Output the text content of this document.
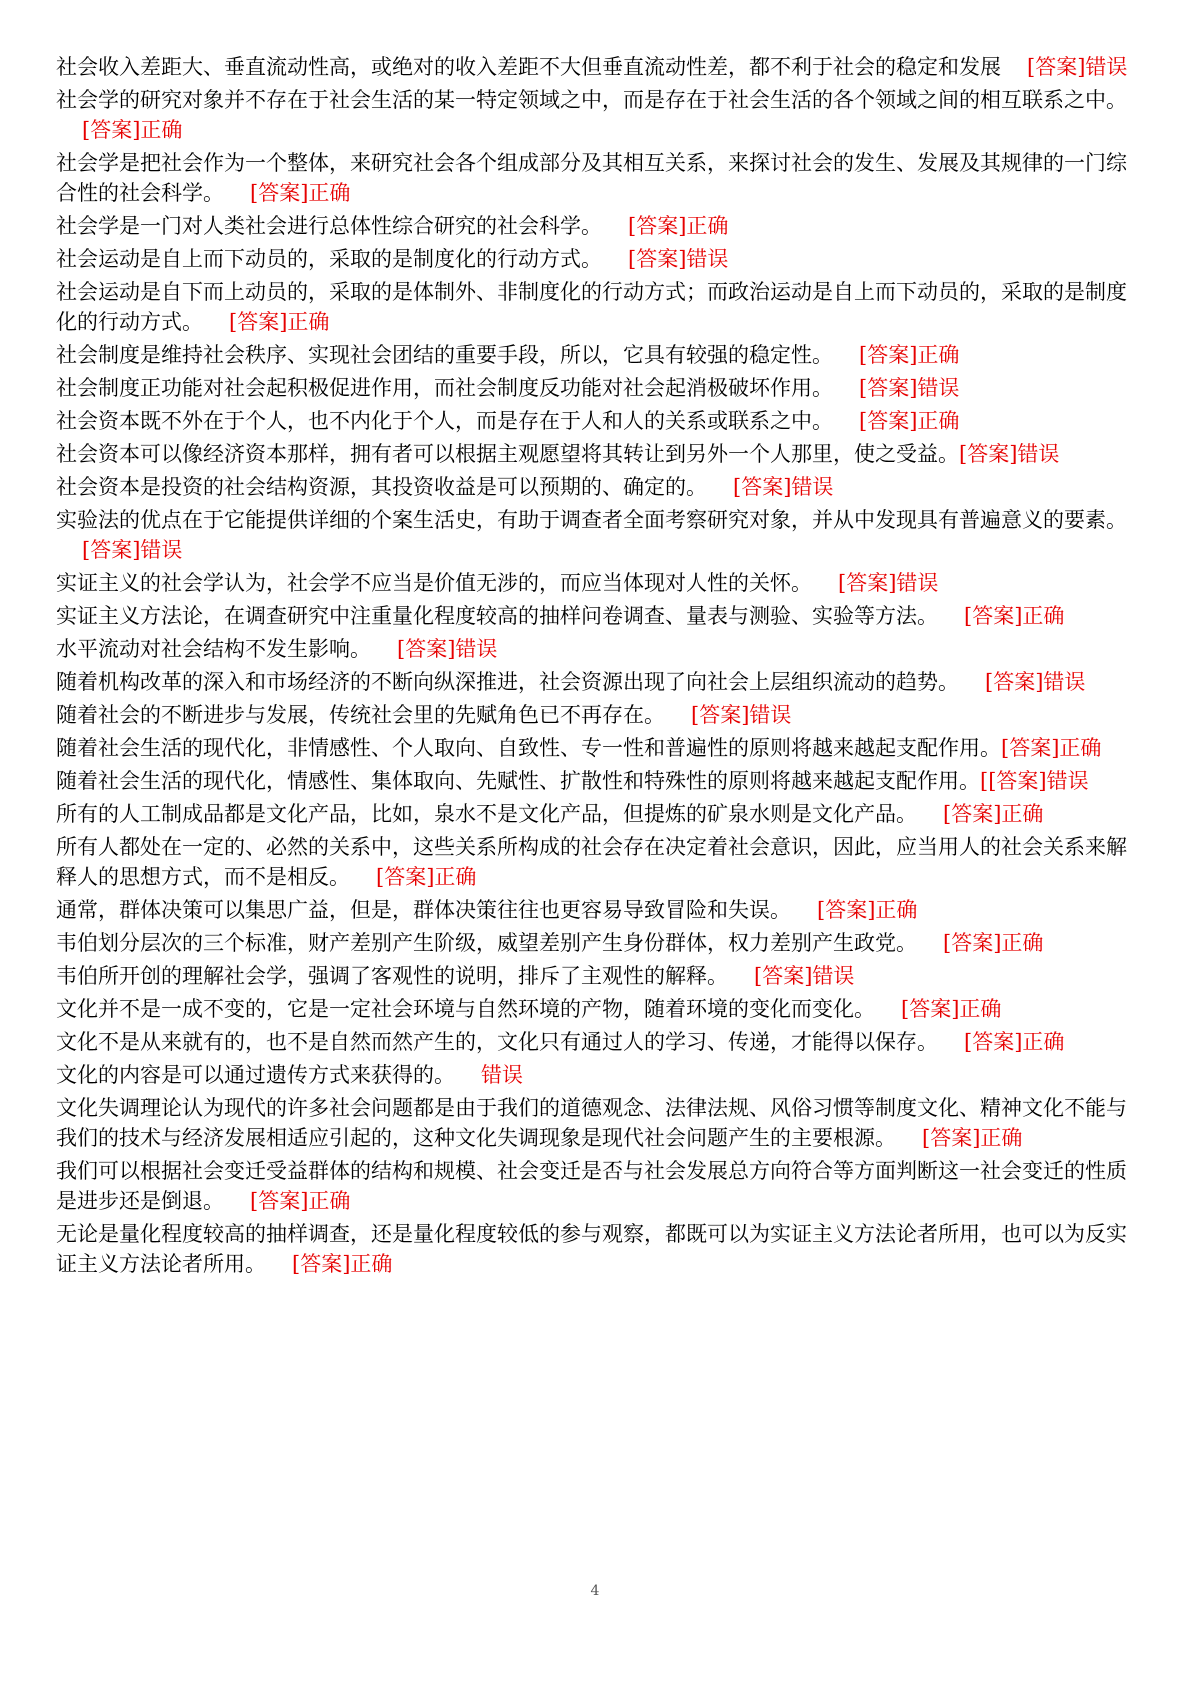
社会收入差距大、垂直流动性高，或绝对的收入差距不大但垂直流动性差，都不利于社会的稳定和发展 [答案]错误
社会学的研究对象并不存在于社会生活的某一特定领域之中，而是存在于社会生活的各个领域之间的相互联系之中。[答案]正确
社会学是把社会作为一个整体，来研究社会各个组成部分及其相互关系，来探讨社会的发生、发展及其规律的一门综合性的社会科学。 [答案]正确
社会学是一门对人类社会进行总体性综合研究的社会科学。 [答案]正确
社会运动是自上而下动员的，采取的是制度化的行动方式。 [答案]错误
社会运动是自下而上动员的，采取的是体制外、非制度化的行动方式；而政治运动是自上而下动员的，采取的是制度化的行动方式。 [答案]正确
社会制度是维持社会秩序、实现社会团结的重要手段，所以，它具有较强的稳定性。 [答案]正确
社会制度正功能对社会起积极促进作用，而社会制度反功能对社会起消极破坏作用。 [答案]错误
社会资本既不外在于个人，也不内化于个人，而是存在于人和人的关系或联系之中。 [答案]正确
社会资本可以像经济资本那样，拥有者可以根据主观愿望将其转让到另外一个人那里，使之受益。[答案]错误
社会资本是投资的社会结构资源，其投资收益是可以预期的、确定的。 [答案]错误
实验法的优点在于它能提供详细的个案生活史，有助于调查者全面考察研究对象，并从中发现具有普遍意义的要素。[答案]错误
实证主义的社会学认为，社会学不应当是价值无涉的，而应当体现对人性的关怀。 [答案]错误
实证主义方法论，在调查研究中注重量化程度较高的抽样问卷调查、量表与测验、实验等方法。 [答案]正确
水平流动对社会结构不发生影响。 [答案]错误
随着机构改革的深入和市场经济的不断向纵深推进，社会资源出现了向社会上层组织流动的趋势。 [答案]错误
随着社会的不断进步与发展，传统社会里的先赋角色已不再存在。 [答案]错误
随着社会生活的现代化，非情感性、个人取向、自致性、专一性和普遍性的原则将越来越起支配作用。[答案]正确
随着社会生活的现代化，情感性、集体取向、先赋性、扩散性和特殊性的原则将越来越起支配作用。[[答案]错误
所有的人工制成品都是文化产品，比如，泉水不是文化产品，但提炼的矿泉水则是文化产品。 [答案]正确
所有人都处在一定的、必然的关系中，这些关系所构成的社会存在决定着社会意识，因此，应当用人的社会关系来解释人的思想方式，而不是相反。 [答案]正确
通常，群体决策可以集思广益，但是，群体决策往往也更容易导致冒险和失误。 [答案]正确
韦伯划分层次的三个标准，财产差别产生阶级，威望差别产生身份群体，权力差别产生政党。 [答案]正确
韦伯所开创的理解社会学，强调了客观性的说明，排斥了主观性的解释。 [答案]错误
文化并不是一成不变的，它是一定社会环境与自然环境的产物，随着环境的变化而变化。 [答案]正确
文化不是从来就有的，也不是自然而然产生的，文化只有通过人的学习、传递，才能得以保存。 [答案]正确
文化的内容是可以通过遗传方式来获得的。 错误
文化失调理论认为现代的许多社会问题都是由于我们的道德观念、法律法规、风俗习惯等制度文化、精神文化不能与我们的技术与经济发展相适应引起的，这种文化失调现象是现代社会问题产生的主要根源。 [答案]正确
我们可以根据社会变迁受益群体的结构和规模、社会变迁是否与社会发展总方向符合等方面判断这一社会变迁的性质是进步还是倒退。 [答案]正确
无论是量化程度较高的抽样调查，还是量化程度较低的参与观察，都既可以为实证主义方法论者所用，也可以为反实证主义方法论者所用。 [答案]正确
4
